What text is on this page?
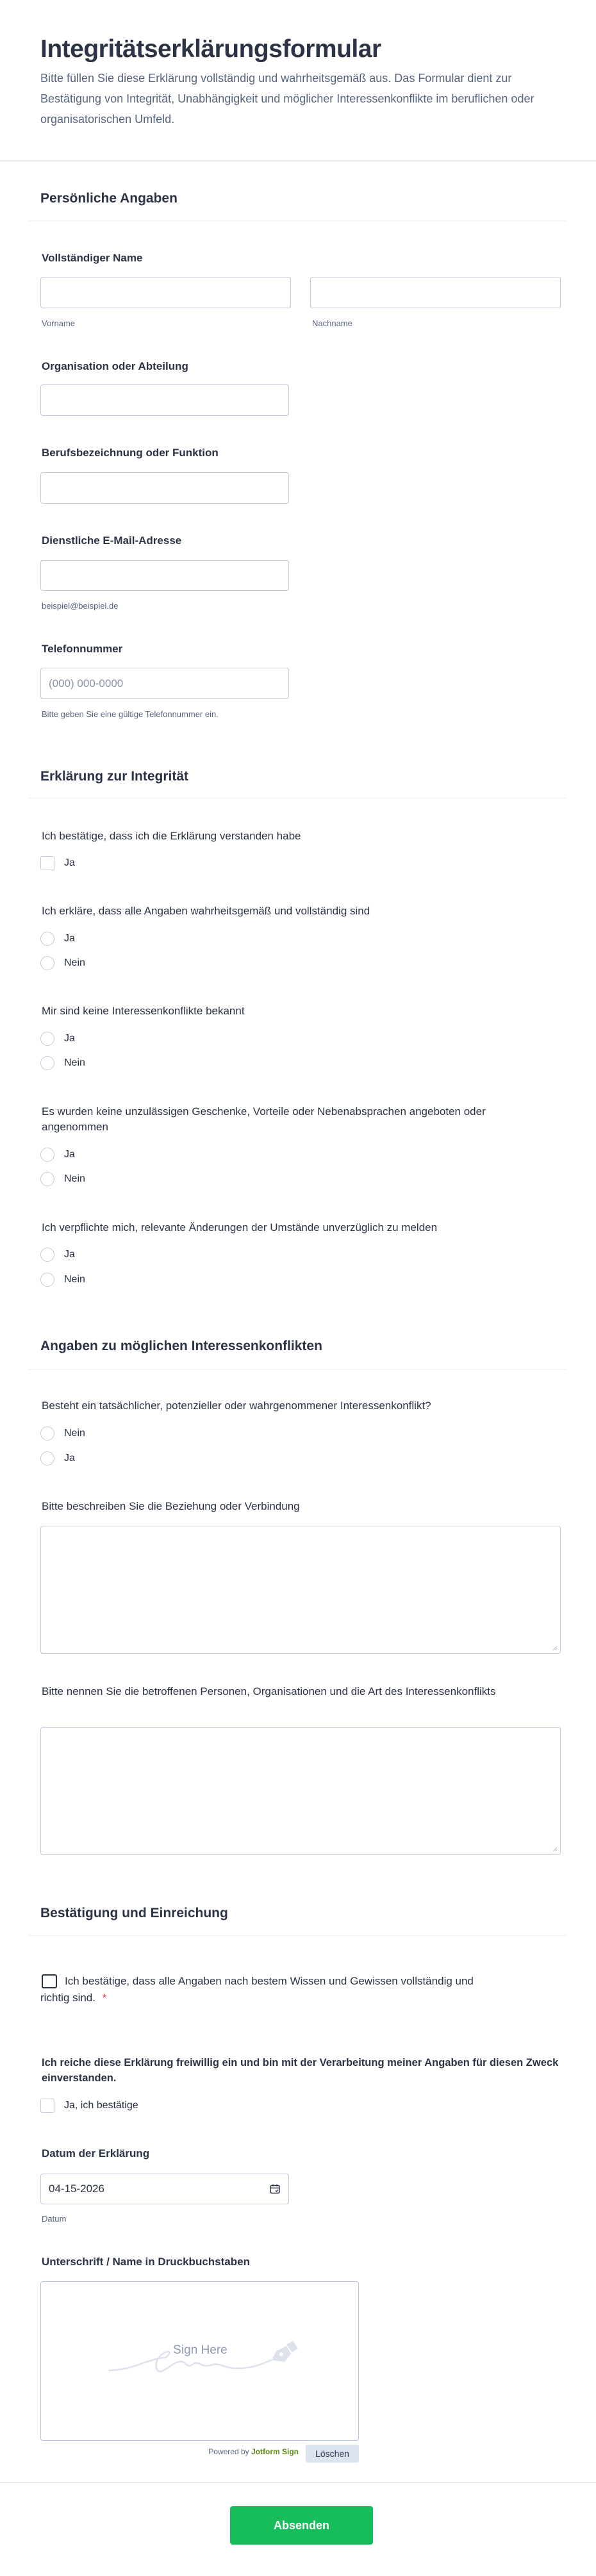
Integritätserklärungsformular
Bitte füllen Sie diese Erklärung vollständig und wahrheitsgemäß aus. Das Formular dient zur Bestätigung von Integrität, Unabhängigkeit und möglicher Interessenkonflikte im beruflichen oder organisatorischen Umfeld.
Persönliche Angaben
Vollständiger Name
Vorname	Nachname
Organisation oder Abteilung
Berufsbezeichnung oder Funktion
Dienstliche E-Mail-Adresse
beispiel@beispiel.de
Telefonnummer
(000) 000-0000
Bitte geben Sie eine gültige Telefonnummer ein.
Erklärung zur Integrität
Ich bestätige, dass ich die Erklärung verstanden habe
Ja
Ich erkläre, dass alle Angaben wahrheitsgemäß und vollständig sind
Ja
Nein
Mir sind keine Interessenkonflikte bekannt
Ja
Nein
Es wurden keine unzulässigen Geschenke, Vorteile oder Nebenabsprachen angeboten oder angenommen
Ja
Nein
Ich verpflichte mich, relevante Änderungen der Umstände unverzüglich zu melden
Ja
Nein
Angaben zu möglichen Interessenkonflikten
Besteht ein tatsächlicher, potenzieller oder wahrgenommener Interessenkonflikt?
Nein
Ja
Bitte beschreiben Sie die Beziehung oder Verbindung
Bitte nennen Sie die betroffenen Personen, Organisationen und die Art des Interessenkonflikts
Bestätigung und Einreichung
Ich bestätige, dass alle Angaben nach bestem Wissen und Gewissen vollständig und richtig sind. *
Ich reiche diese Erklärung freiwillig ein und bin mit der Verarbeitung meiner Angaben für diesen Zweck einverstanden.
Ja, ich bestätige
Datum der Erklärung
04-15-2026
Datum
Unterschrift / Name in Druckbuchstaben
Sign Here
Powered by Jotform Sign	Löschen
Absenden
